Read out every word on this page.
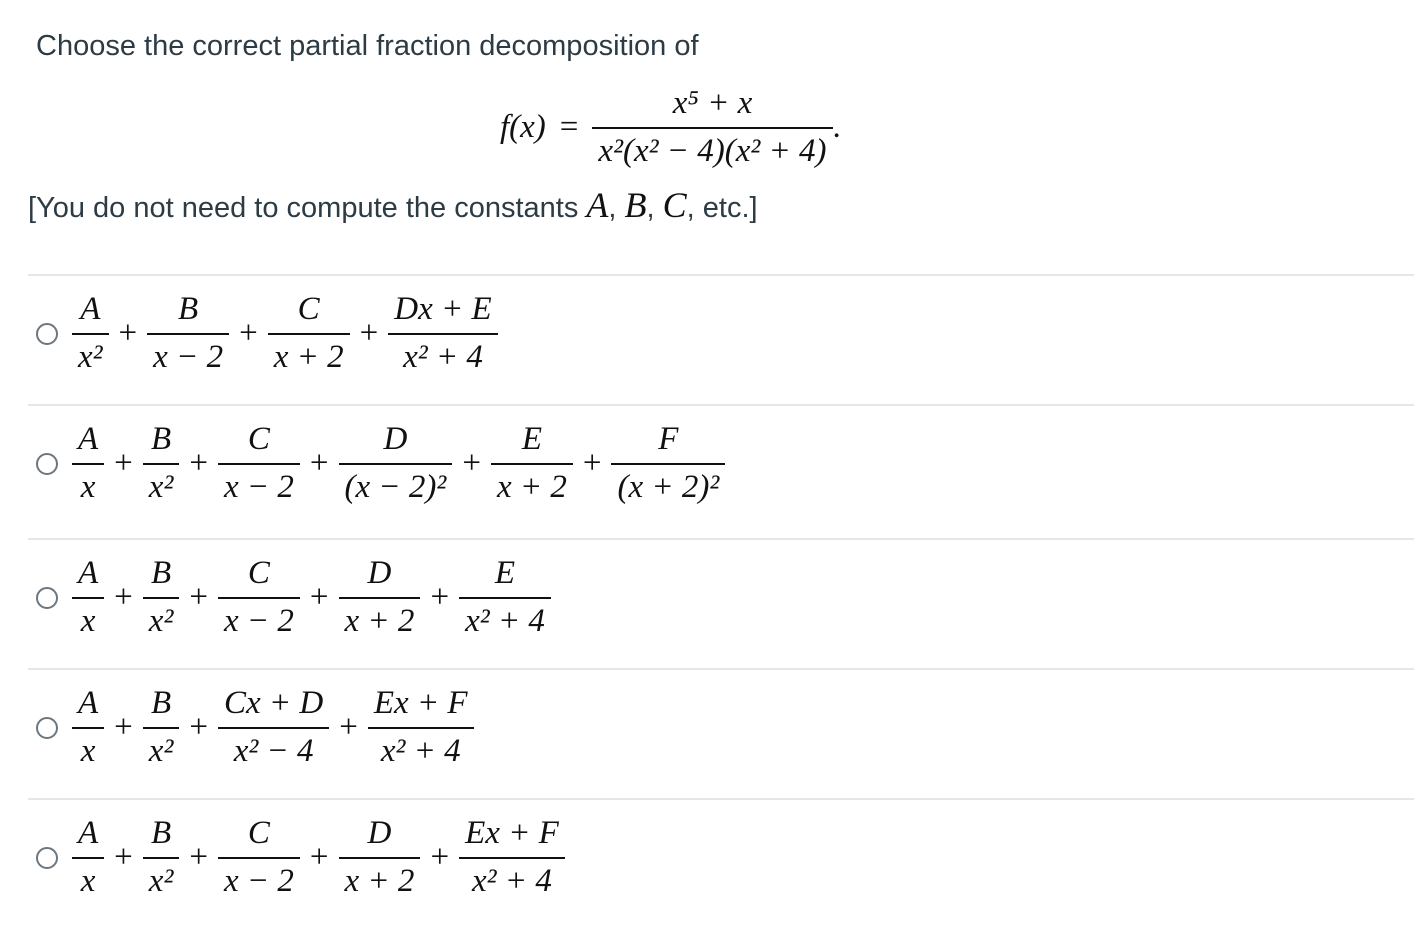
Choose the correct partial fraction decomposition of
$f(x) = \frac{\text{x⁵ + x}}{\text{x²(x² − 4)(x² + 4)}}$ .
[You do not need to compute the constants A, B, C, etc.]
$\frac{A}{\text{x²}} + \frac{B}{x - 2} + \frac{C}{x + 2} + \frac{Dx + E}{\text{x² + 4}}$
$\frac{A}{x} + \frac{B}{\text{x²}} + \frac{C}{x - 2} + \frac{D}{\text{(x − 2)²}} + \frac{E}{x + 2} + \frac{F}{\text{(x + 2)²}}$
$\frac{A}{x} + \frac{B}{\text{x²}} + \frac{C}{x - 2} + \frac{D}{x + 2} + \frac{E}{\text{x² + 4}}$
$\frac{A}{x} + \frac{B}{\text{x²}} + \frac{Cx + D}{\text{x² − 4}} + \frac{Ex + F}{\text{x² + 4}}$
$\frac{A}{x} + \frac{B}{\text{x²}} + \frac{C}{x - 2} + \frac{D}{x + 2} + \frac{Ex + F}{\text{x² + 4}}$
